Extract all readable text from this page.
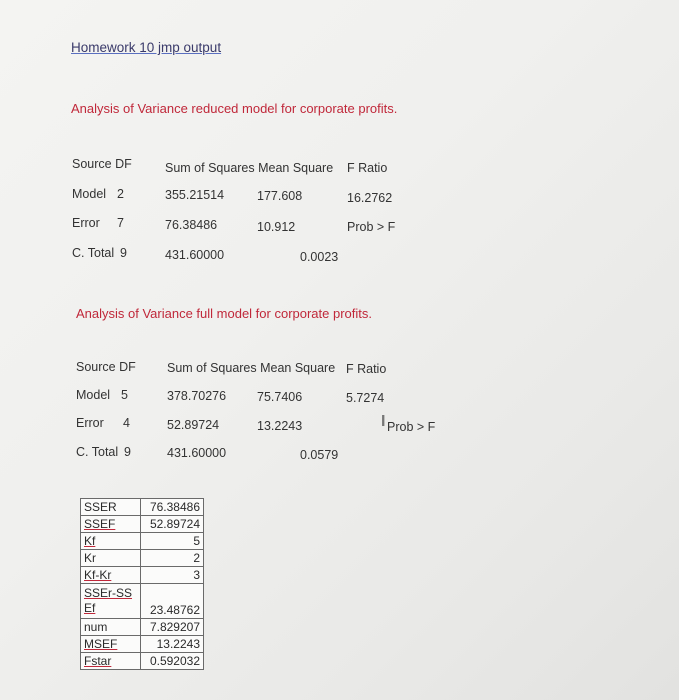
Homework 10 jmp output
Analysis of Variance reduced model for corporate profits.
Source DF	Sum of Squares Mean Square F Ratio
Model 2	355.21514	177.608	16.2762
Error 7	76.38486	10.912	Prob > F
C. Total 9	431.60000	0.0023
Analysis of Variance full model for corporate profits.
Source DF	Sum of Squares Mean Square F Ratio
Model 5	378.70276 75.7406	5.7274
Error 4	52.89724	13.2243	I Prob > F
C. Total 9	431.60000	0.0579
SSER	76.38486
SSEF	52.89724
Kf	5
Kr	2
Kf-Kr	3
SSEr-SSEf	23.48762
num	7.829207
MSEF	13.2243
Fstar	0.592032
